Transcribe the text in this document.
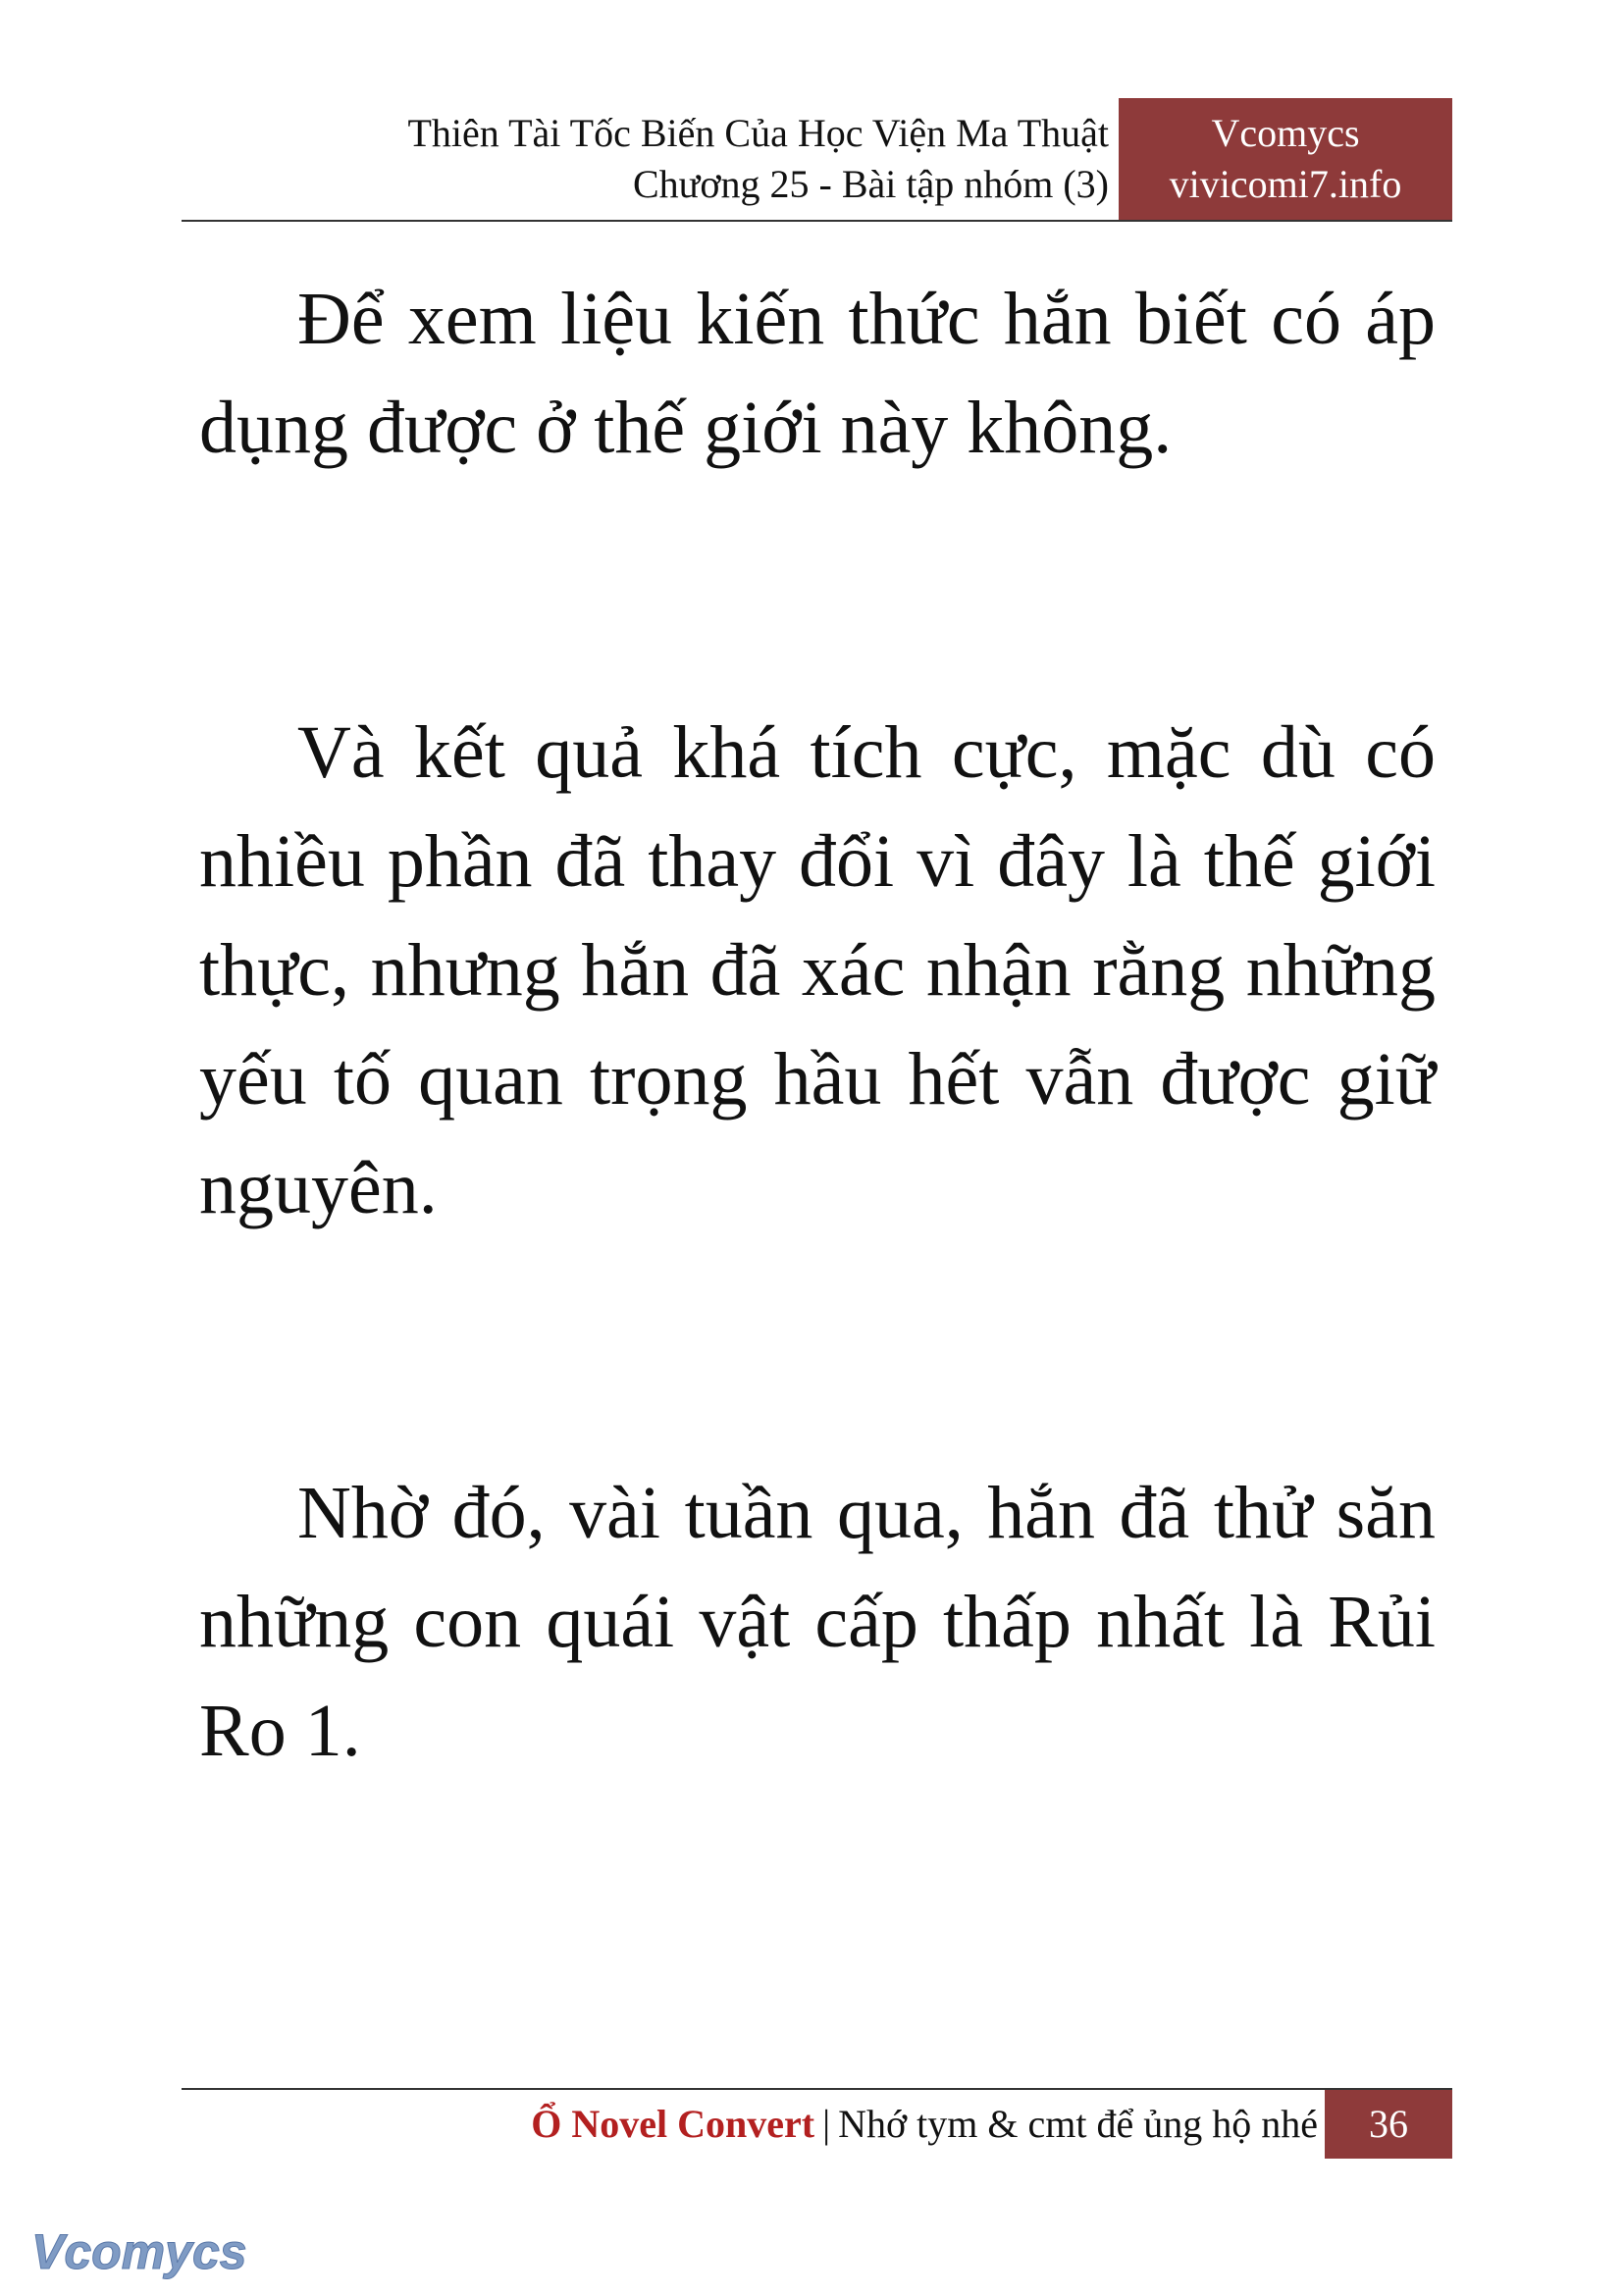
Thiên Tài Tốc Biến Của Học Viện Ma Thuật
Chương 25 - Bài tập nhóm (3)
Vcomycs
vivicomi7.info

Để xem liệu kiến thức hắn biết có áp dụng được ở thế giới này không.

Và kết quả khá tích cực, mặc dù có nhiều phần đã thay đổi vì đây là thế giới thực, nhưng hắn đã xác nhận rằng những yếu tố quan trọng hầu hết vẫn được giữ nguyên.

Nhờ đó, vài tuần qua, hắn đã thử săn những con quái vật cấp thấp nhất là Rủi Ro 1.

Ổ Novel Convert | Nhớ tym & cmt để ủng hộ nhé	36
Vcomycs
